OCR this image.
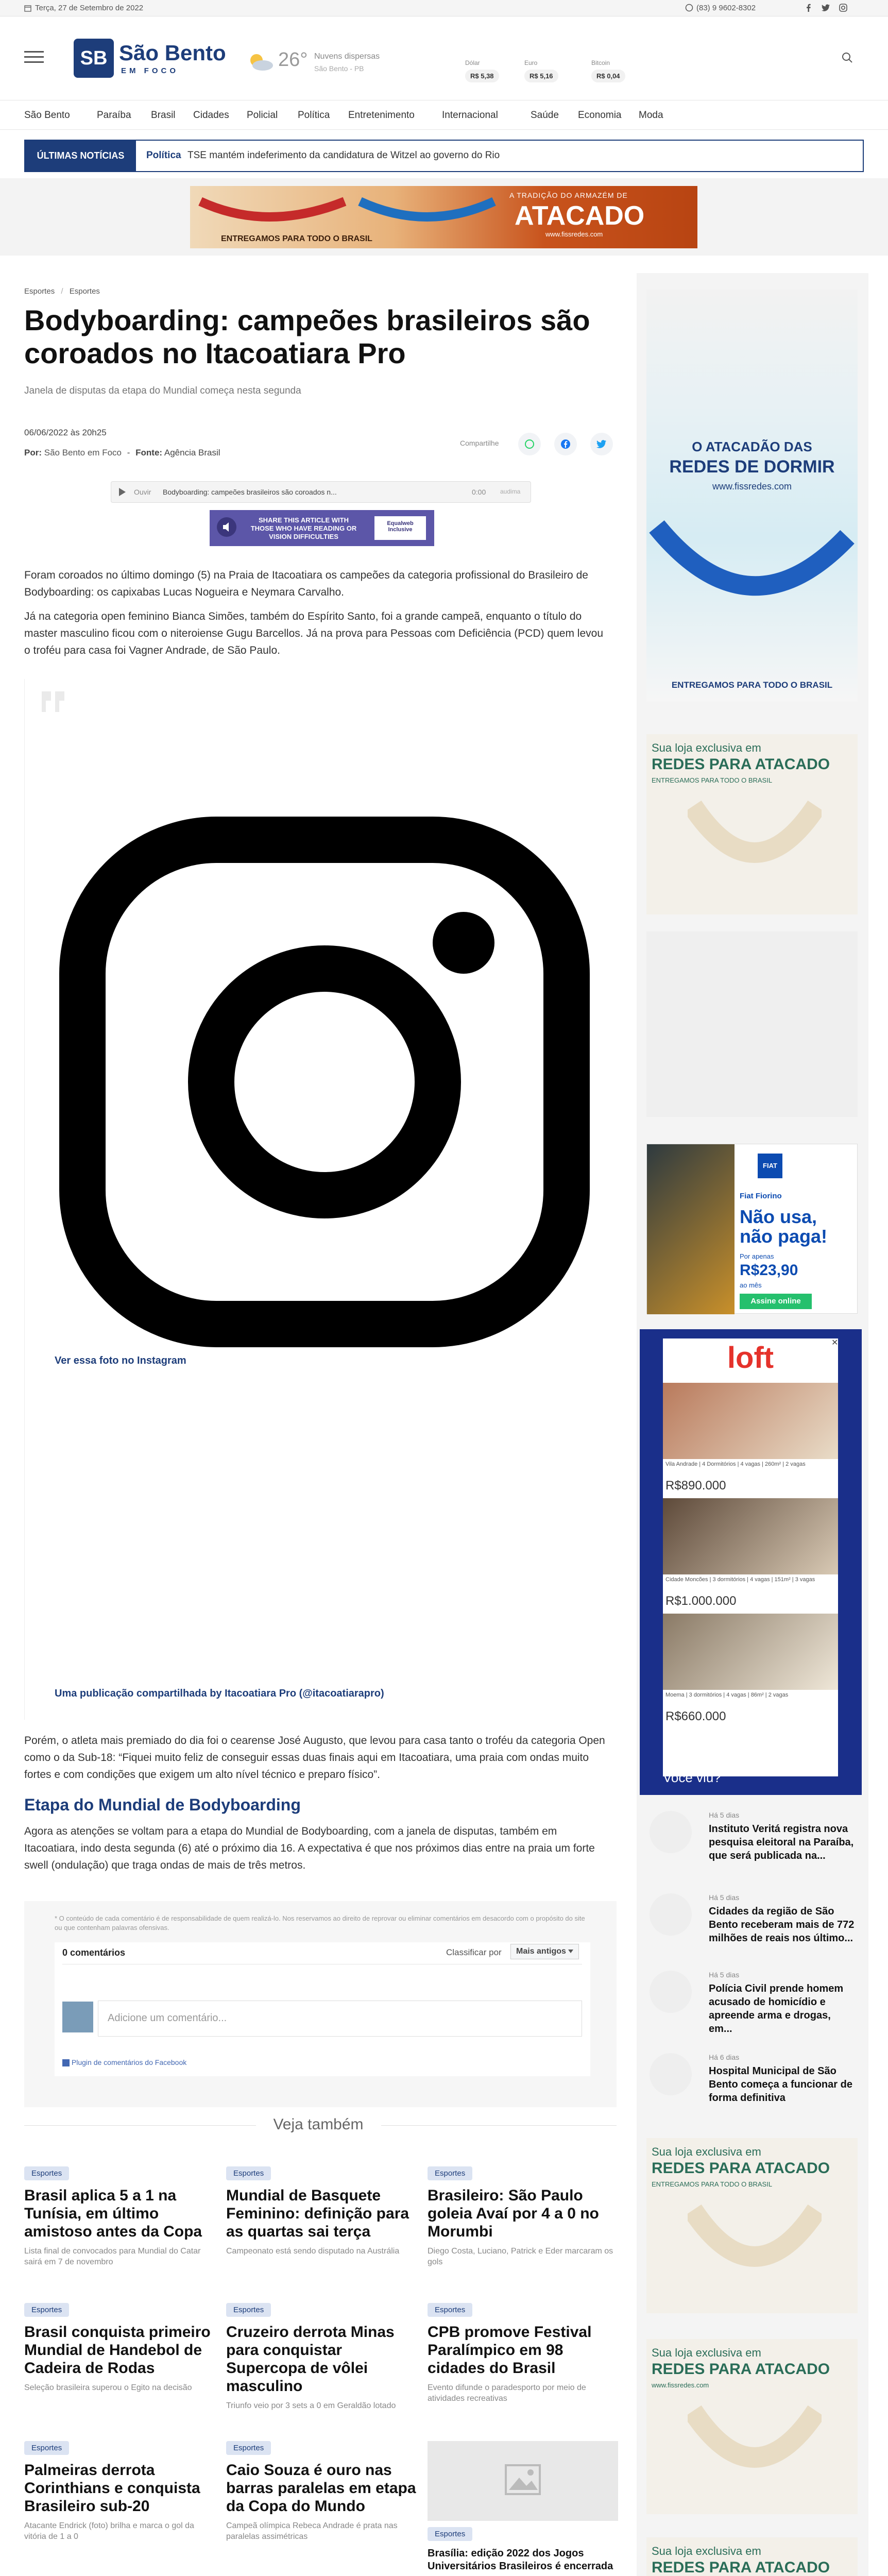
Terça, 27 de Setembro de 2022	(83) 9 9602-8302
SB São Bento
EM FOCO
26° Nuvens dispersas
São Bento - PB
Dólar
R$ 5,38
Euro
R$ 5,16
Bitcoin
R$ 0,04
São Bento	Paraíba Brasil Cidades Policial Política Entretenimento	Internacional	Saúde Economia Moda
ÚLTIMAS NOTÍCIAS	Política TSE mantém indeferimento da candidatura de Witzel ao governo do Rio
A TRADIÇÃO DO ARMAZÉM DE
ATACADO
www.fissredes.com
ENTREGAMOS PARA TODO O BRASIL
Esportes / Esportes
Bodyboarding: campeões brasileiros são coroados no Itacoatiara Pro
Janela de disputas da etapa do Mundial começa nesta segunda
06/06/2022 às 20h25
Por: São Bento em Foco - Fonte: Agência Brasil
Compartilhe
Ouvir Bodyboarding: campeões brasileiros são coroados n...	0:00 audima
SHARE THIS ARTICLE WITH THOSE WHO HAVE READING OR VISION DIFFICULTIES
Equalweb Inclusive

Foram coroados no último domingo (5) na Praia de Itacoatiara os campeões da categoria profissional do Brasileiro de Bodyboarding: os capixabas Lucas Nogueira e Neymara Carvalho.

Já na categoria open feminino Bianca Simões, também do Espírito Santo, foi a grande campeã, enquanto o título do master masculino ficou com o niteroiense Gugu Barcellos. Já na prova para Pessoas com Deficiência (PCD) quem levou o troféu para casa foi Vagner Andrade, de São Paulo.

Ver essa foto no Instagram
Uma publicação compartilhada by Itacoatiara Pro (@itacoatiarapro)

Porém, o atleta mais premiado do dia foi o cearense José Augusto, que levou para casa tanto o troféu da categoria Open como o da Sub-18: “Fiquei muito feliz de conseguir essas duas finais aqui em Itacoatiara, uma praia com ondas muito fortes e com condições que exigem um alto nível técnico e preparo físico”.

Etapa do Mundial de Bodyboarding

Agora as atenções se voltam para a etapa do Mundial de Bodyboarding, com a janela de disputas, também em Itacoatiara, indo desta segunda (6) até o próximo dia 16. A expectativa é que nos próximos dias entre na praia um forte swell (ondulação) que traga ondas de mais de três metros.

* O conteúdo de cada comentário é de responsabilidade de quem realizá-lo. Nos reservamos ao direito de reprovar ou eliminar comentários em desacordo com o propósito do site ou que contenham palavras ofensivas.
0 comentários	Classificar por	Mais antigos
Adicione um comentário...
Plugin de comentários do Facebook
Veja também
Esportes
Brasil aplica 5 a 1 na Tunísia, em último amistoso antes da Copa

Lista final de convocados para Mundial do Catar sairá em 7 de novembro

Esportes
Mundial de Basquete Feminino: definição para as quartas sai terça

Campeonato está sendo disputado na Austrália

Esportes
Brasileiro: São Paulo goleia Avaí por 4 a 0 no Morumbi

Diego Costa, Luciano, Patrick e Eder marcaram os gols

Esportes
Brasil conquista primeiro Mundial de Handebol de Cadeira de Rodas

Seleção brasileira superou o Egito na decisão

Esportes
Cruzeiro derrota Minas para conquistar Supercopa de vôlei masculino

Triunfo veio por 3 sets a 0 em Geraldão lotado

Esportes
CPB promove Festival Paralímpico em 98 cidades do Brasil

Evento difunde o paradesporto por meio de atividades recreativas

Esportes
Palmeiras derrota Corinthians e conquista Brasileiro sub-20

Atacante Endrick (foto) brilha e marca o gol da vitória de 1 a 0

Esportes
Caio Souza é ouro nas barras paralelas em etapa da Copa do Mundo

Campeã olímpica Rebeca Andrade é prata nas paralelas assimétricas	Esportes
Brasília: edição 2022 dos Jogos Universitários Brasileiros é encerrada
O ATACADÃO DAS
REDES DE DORMIR
www.fissredes.com
ENTREGAMOS PARA TODO O BRASIL
Sua loja exclusiva em
REDES PARA ATACADO
ENTREGAMOS PARA TODO O BRASIL
FIAT
Fiat Fiorino
Não usa, não paga!
Por apenas
R$23,90
ao mês
Assine online
loft	✕
Vila Andrade | 4 Dormitórios | 4 vagas | 260m² | 2 vagas
R$890.000
Cidade Moncões | 3 dormitórios | 4 vagas | 151m² | 3 vagas
R$1.000.000
Moema | 3 dormitórios | 4 vagas | 86m² | 2 vagas
R$660.000
Você viu?
Há 5 dias
Instituto Veritá registra nova pesquisa eleitoral na Paraíba, que será publicada na...
Há 5 dias
Cidades da região de São Bento receberam mais de 772 milhões de reais nos último...
Há 5 dias
Polícia Civil prende homem acusado de homicídio e apreende arma e drogas, em...
Há 6 dias
Hospital Municipal de São Bento começa a funcionar de forma definitiva
Sua loja exclusiva em
REDES PARA ATACADO
ENTREGAMOS PARA TODO O BRASIL
Sua loja exclusiva em
REDES PARA ATACADO
www.fissredes.com
Sua loja exclusiva em
REDES PARA ATACADO
